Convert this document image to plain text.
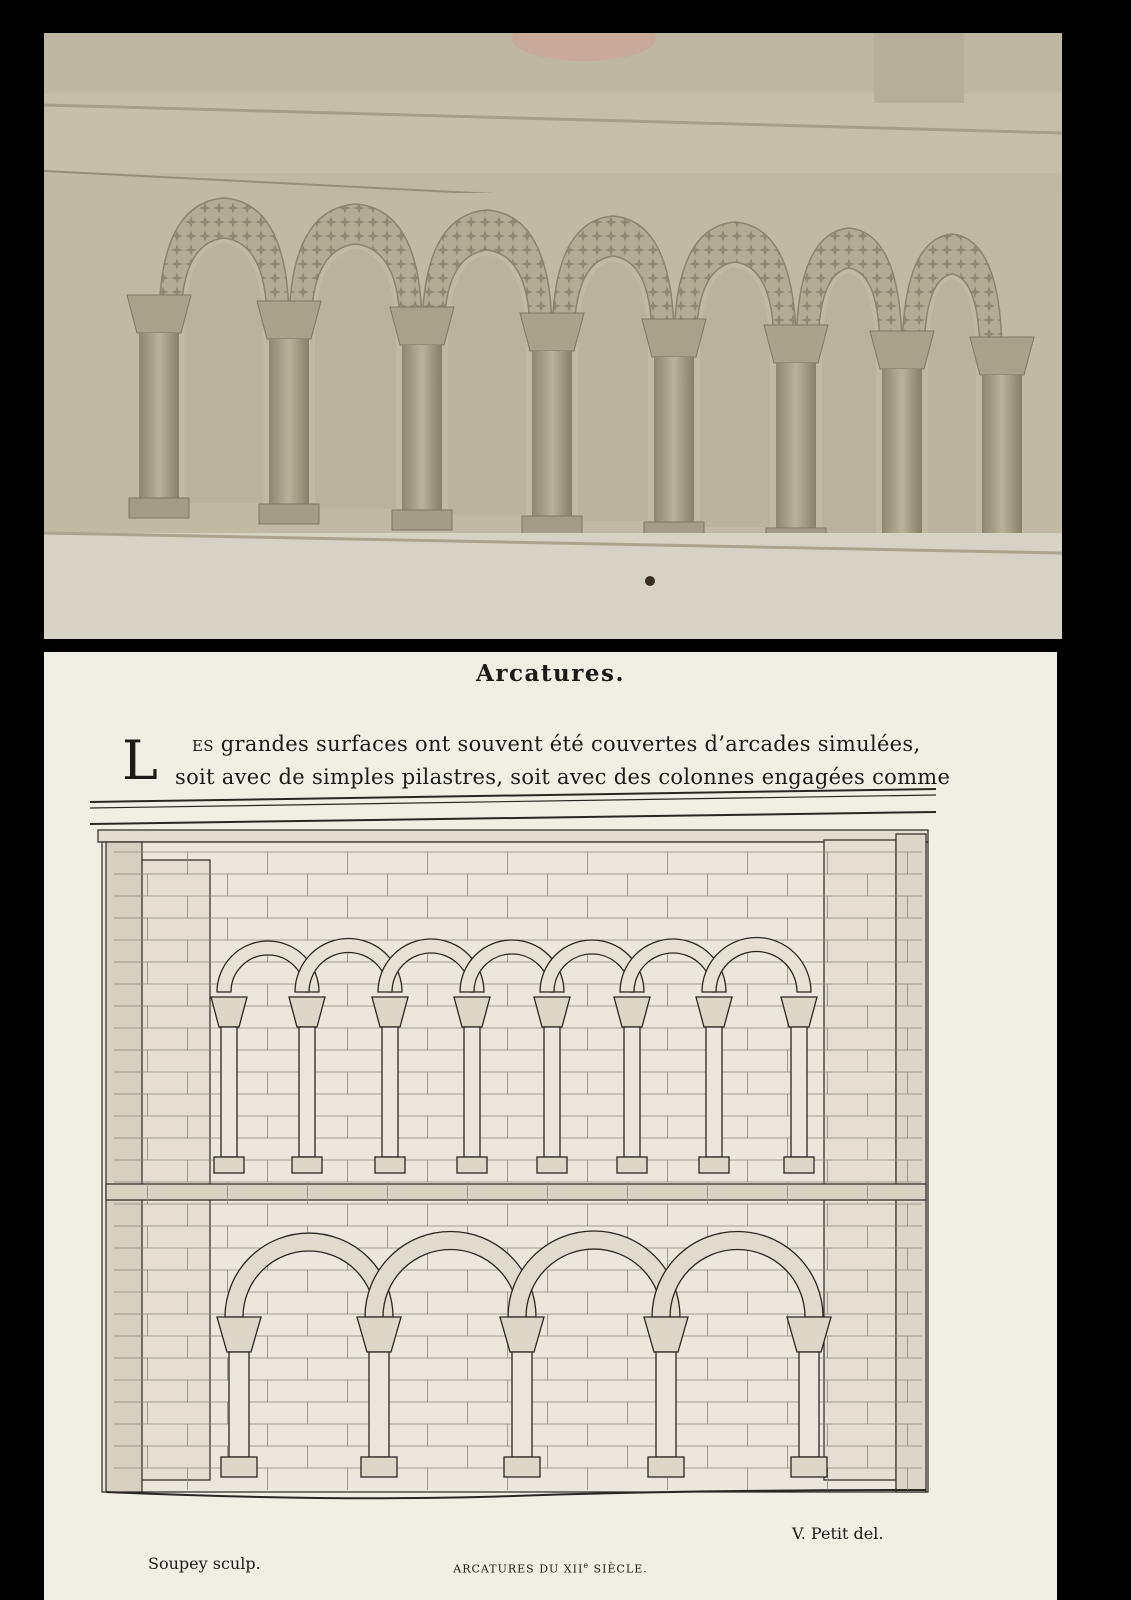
Arcatures.
L ES grandes surfaces ont souvent été couvertes d’arcades simulées,
soit avec de simples pilastres, soit avec des colonnes engagées comme
V. Petit del.
Soupey sculp.	ARCATURES DU XIIe SIÈCLE.
